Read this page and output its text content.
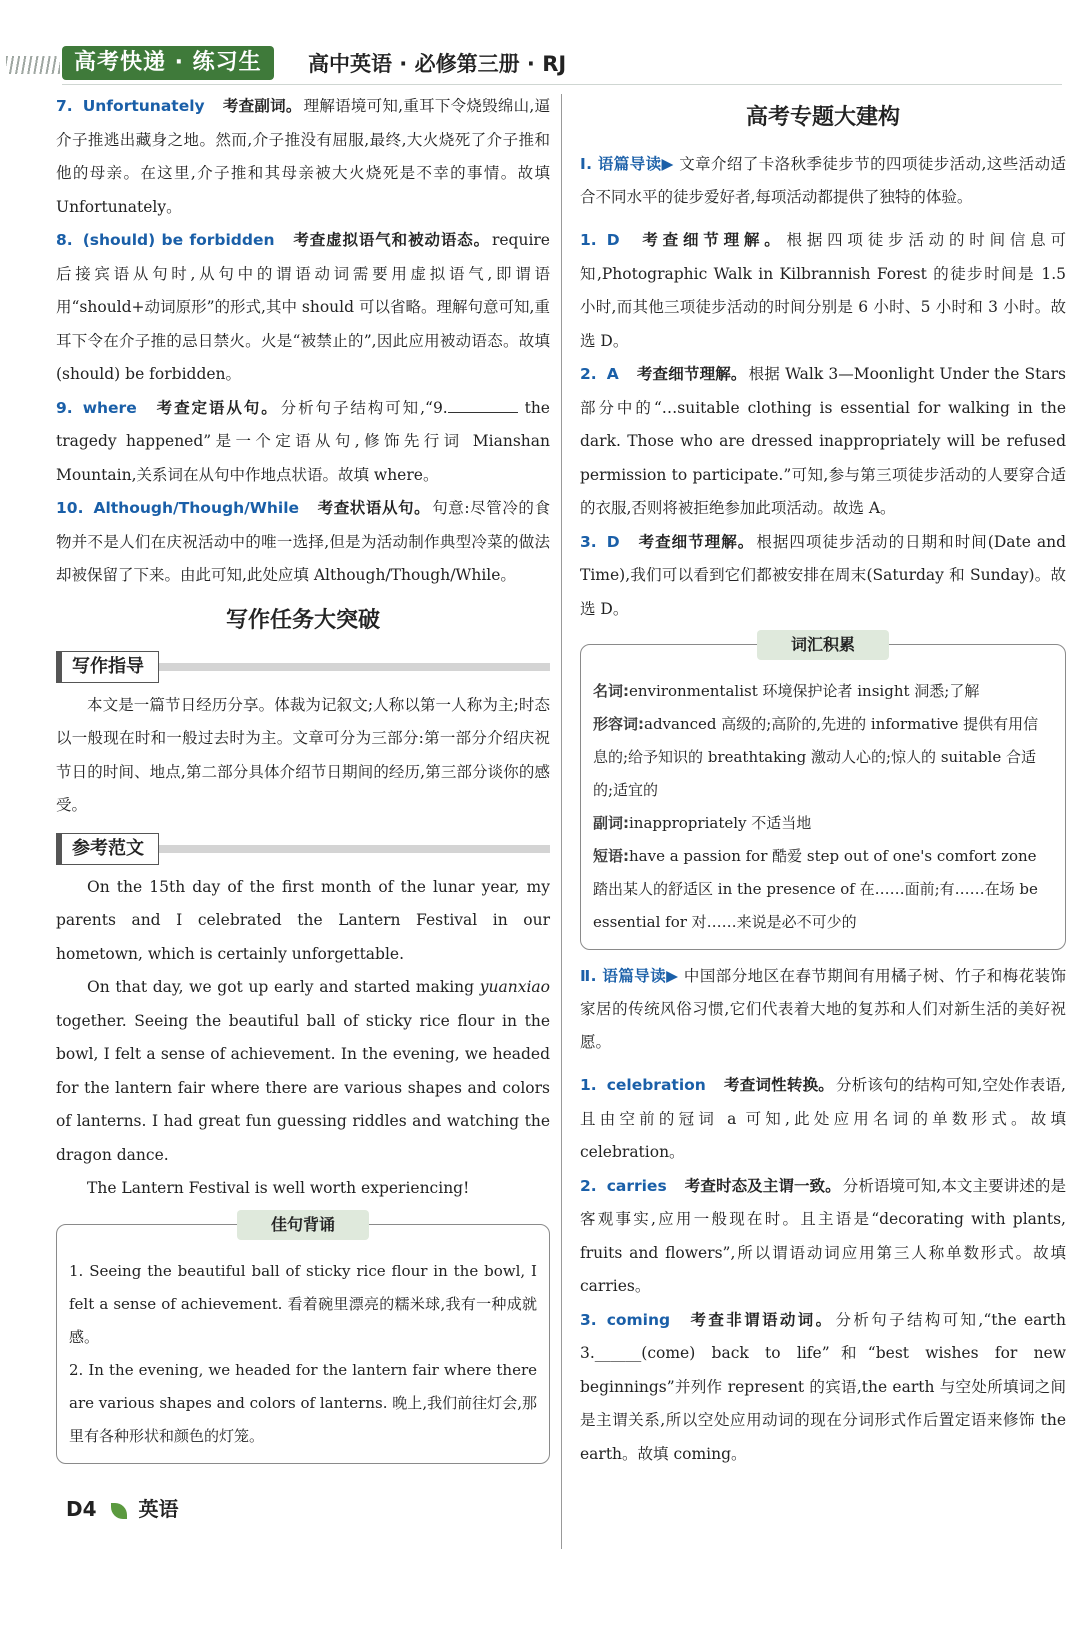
高考快递 · 练习生	高中英语 · 必修第三册 · RJ
7. Unfortunately 考查副词。 理解语境可知,重耳下令烧毁绵山,逼介子推逃出藏身之地。然而,介子推没有屈服,最终,大火烧死了介子推和他的母亲。在这里,介子推和其母亲被大火烧死是不幸的事情。故填 Unfortunately。
8. (should) be forbidden 考查虚拟语气和被动语态。 require 后接宾语从句时,从句中的谓语动词需要用虚拟语气,即谓语用“should+动词原形”的形式,其中 should 可以省略。理解句意可知,重耳下令在介子推的忌日禁火。火是“被禁止的”,因此应用被动语态。故填(should) be forbidden。
9. where 考查定语从句。 分析句子结构可知,“9.	the tragedy happened”是一个定语从句,修饰先行词 Mianshan Mountain,关系词在从句中作地点状语。故填 where。
10. Although/Though/While 考查状语从句。 句意:尽管冷的食物并不是人们在庆祝活动中的唯一选择,但是为活动制作典型冷菜的做法却被保留了下来。由此可知,此处应填 Although/Though/While。
写作任务大突破
写作指导

本文是一篇节日经历分享。体裁为记叙文;人称以第一人称为主;时态以一般现在时和一般过去时为主。文章可分为三部分:第一部分介绍庆祝节日的时间、地点,第二部分具体介绍节日期间的经历,第三部分谈你的感受。

参考范文

On the 15th day of the first month of the lunar year, my parents and I celebrated the Lantern Festival in our hometown, which is certainly unforgettable.

On that day, we got up early and started making yuanxiao together. Seeing the beautiful ball of sticky rice flour in the bowl, I felt a sense of achievement. In the evening, we headed for the lantern fair where there are various shapes and colors of lanterns. I had great fun guessing riddles and watching the dragon dance.

The Lantern Festival is well worth experiencing!

佳句背诵

1. Seeing the beautiful ball of sticky rice flour in the bowl, I felt a sense of achievement. 看着碗里漂亮的糯米球,我有一种成就感。

2. In the evening, we headed for the lantern fair where there are various shapes and colors of lanterns. 晚上,我们前往灯会,那里有各种形状和颜色的灯笼。

高考专题大建构

Ⅰ. 语篇导读▶ 文章介绍了卡洛秋季徒步节的四项徒步活动,这些活动适合不同水平的徒步爱好者,每项活动都提供了独特的体验。

1. D 考查细节理解。 根据四项徒步活动的时间信息可知,Photographic Walk in Kilbrannish Forest 的徒步时间是 1.5 小时,而其他三项徒步活动的时间分别是 6 小时、5 小时和 3 小时。故选 D。
2. A 考查细节理解。 根据 Walk 3—Moonlight Under the Stars 部分中的“…suitable clothing is essential for walking in the dark. Those who are dressed inappropriately will be refused permission to participate.”可知,参与第三项徒步活动的人要穿合适的衣服,否则将被拒绝参加此项活动。故选 A。
3. D 考查细节理解。 根据四项徒步活动的日期和时间(Date and Time),我们可以看到它们都被安排在周末(Saturday 和 Sunday)。故选 D。
词汇积累

名词:environmentalist 环境保护论者 insight 洞悉;了解

形容词:advanced 高级的;高阶的,先进的 informative 提供有用信息的;给予知识的 breathtaking 激动人心的;惊人的 suitable 合适的;适宜的

副词:inappropriately 不适当地

短语:have a passion for 酷爱 step out of one's comfort zone 踏出某人的舒适区 in the presence of 在……面前;有……在场 be essential for 对……来说是必不可少的

Ⅱ. 语篇导读▶ 中国部分地区在春节期间有用橘子树、竹子和梅花装饰家居的传统风俗习惯,它们代表着大地的复苏和人们对新生活的美好祝愿。

1. celebration 考查词性转换。 分析该句的结构可知,空处作表语,且由空前的冠词 a 可知,此处应用名词的单数形式。故填 celebration。
2. carries 考查时态及主谓一致。 分析语境可知,本文主要讲述的是客观事实,应用一般现在时。且主语是“decorating with plants, fruits and flowers”,所以谓语动词应用第三人称单数形式。故填 carries。
3. coming 考查非谓语动词。 分析句子结构可知,“the earth 3.______(come) back to life”和“best wishes for new beginnings”并列作 represent 的宾语,the earth 与空处所填词之间是主谓关系,所以空处应用动词的现在分词形式作后置定语来修饰 the earth。故填 coming。
D4 英语
